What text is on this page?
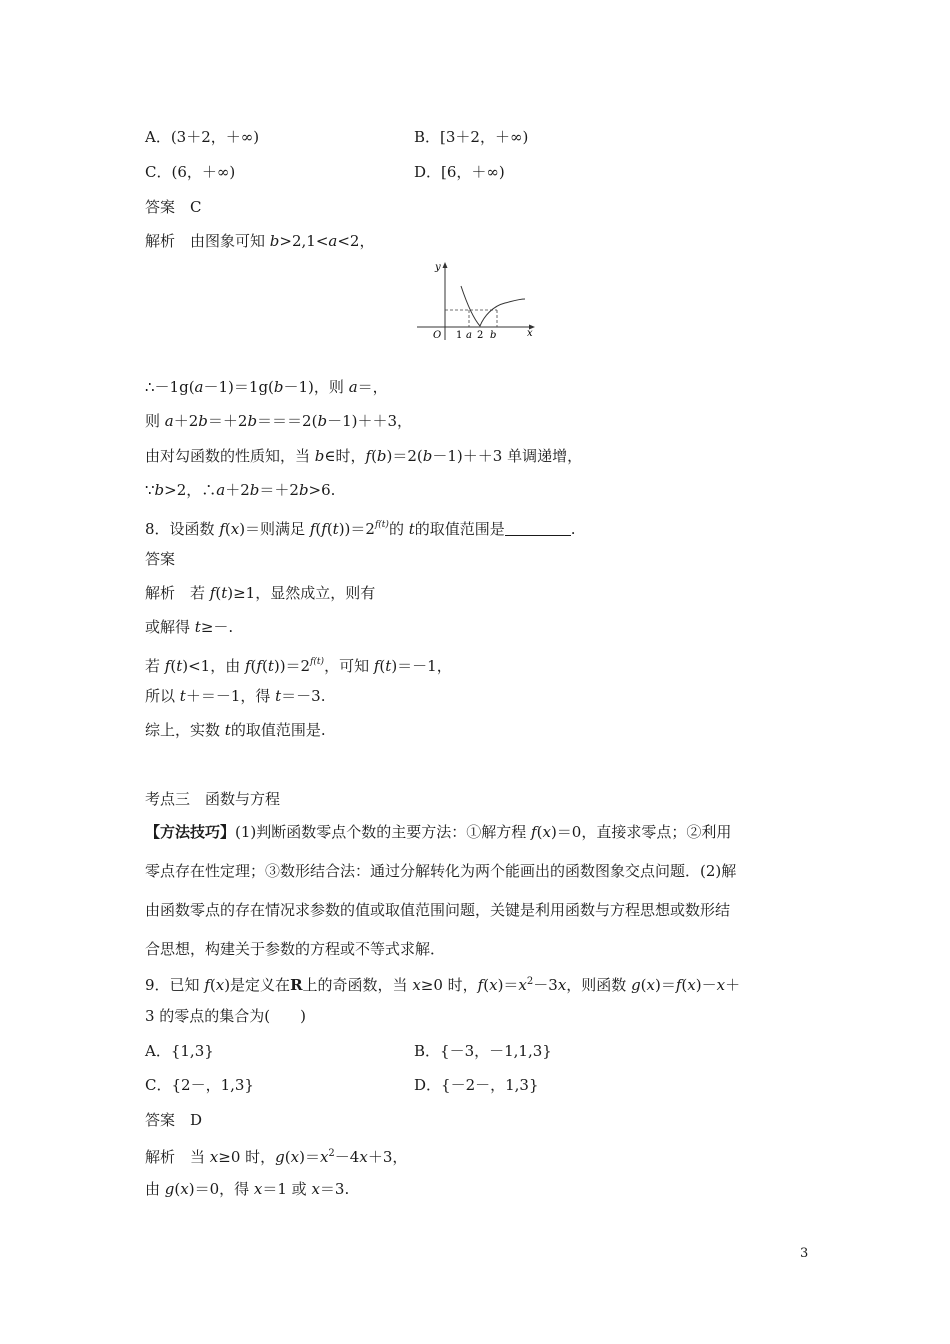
A．(3＋2，＋∞)	B．[3＋2，＋∞)
C．(6，＋∞)	D．[6，＋∞)
答案　C
解析　由图象可知 b>2,1<a<2，
y
O 1 a 2 b	x
∴－1g(a－1)＝1g(b－1)，则 a＝，
则 a＋2b＝＋2b＝＝＝2(b－1)＋＋3，
由对勾函数的性质知，当 b∈时，f(b)＝2(b－1)＋＋3 单调递增，
∵b>2，∴a＋2b＝＋2b>6.
8．设函数 f(x)＝则满足 $f(f(t))=2^{f(t)}$的 t的取值范围是	.
答案
解析　若 f(t)≥1，显然成立，则有
或解得 t≥－.
若 f(t)<1，由 $f(f(t))=2^{f(t)}$，可知 f(t)＝－1，
所以 t＋＝－1，得 t＝－3.
综上，实数 t的取值范围是.
考点三　函数与方程
【方法技巧】(1)判断函数零点个数的主要方法：①解方程 f(x)＝0，直接求零点；②利用
零点存在性定理；③数形结合法：通过分解转化为两个能画出的函数图象交点问题．(2)解
由函数零点的存在情况求参数的值或取值范围问题，关键是利用函数与方程思想或数形结
合思想，构建关于参数的方程或不等式求解．
9．已知 f(x)是定义在R上的奇函数，当 x≥0 时，$f(x)=x^2-3x$，则函数 g(x)＝f(x)－x＋
3 的零点的集合为(　　)
A．{1,3}	B．{－3，－1,1,3}
C．{2－，1,3}	D．{－2－，1,3}
答案　D
解析　当 x≥0 时，$g(x)=x^2-4x+3$，
由 g(x)＝0，得 x＝1 或 x＝3.
3
